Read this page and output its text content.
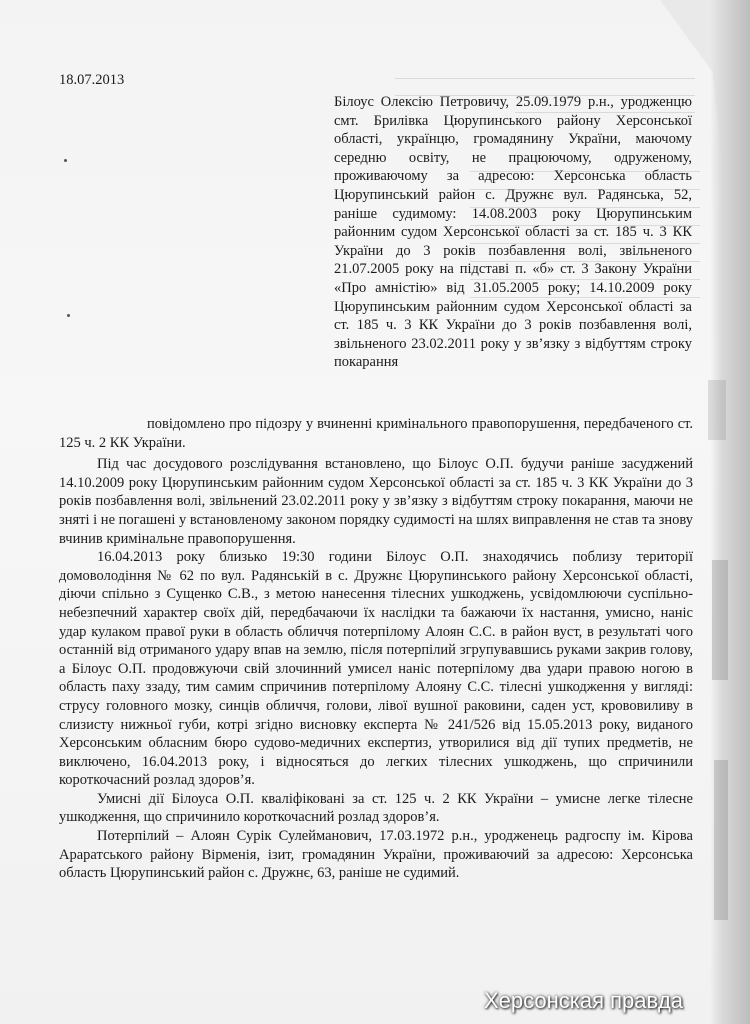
18.07.2013

Білоус Олексію Петровичу, 25.09.1979 р.н., уродженцю смт. Брилівка Цюрупинського району Херсонської області, українцю, громадянину України, маючому середню освіту, не працюючому, одруженому, проживаючому за адресою: Херсонська область Цюрупинський район с. Дружнє вул. Радянська, 52, раніше судимому: 14.08.2003 року Цюрупинським районним судом Херсонської області за ст. 185 ч. 3 КК України до 3 років позбавлення волі, звільненого 21.07.2005 року на підставі п. «б» ст. 3 Закону України «Про амністію» від 31.05.2005 року; 14.10.2009 року Цюрупинським районним судом Херсонської області за ст. 185 ч. 3 КК України до 3 років позбавлення волі, звільненого 23.02.2011 року у зв’язку з відбуттям строку покарання

повідомлено про підозру у вчиненні кримінального правопорушення, передбаченого ст. 125 ч. 2 КК України.

Під час досудового розслідування встановлено, що Білоус О.П. будучи раніше засуджений 14.10.2009 року Цюрупинським районним судом Херсонської області за ст. 185 ч. 3 КК України до 3 років позбавлення волі, звільнений 23.02.2011 року у зв’язку з відбуттям строку покарання, маючи не зняті і не погашені у встановленому законом порядку судимості на шлях виправлення не став та знову вчинив кримінальне правопорушення.

16.04.2013 року близько 19:30 години Білоус О.П. знаходячись поблизу території домоволодіння № 62 по вул. Радянській в с. Дружнє Цюрупинського району Херсонської області, діючи спільно з Сущенко С.В., з метою нанесення тілесних ушкоджень, усвідомлюючи суспільно-небезпечний характер своїх дій, передбачаючи їх наслідки та бажаючи їх настання, умисно, наніс удар кулаком правої руки в область обличчя потерпілому Алоян С.С. в район вуст, в результаті чого останній від отриманого удару впав на землю, після потерпілий згрупувавшись руками закрив голову, а Білоус О.П. продовжуючи свій злочинний умисел наніс потерпілому два удари правою ногою в область паху ззаду, тим самим спричинив потерпілому Алояну С.С. тілесні ушкодження у вигляді: струсу головного мозку, синців обличчя, голови, лівої вушної раковини, саден уст, крововиливу в слизисту нижньої губи, котрі згідно висновку експерта № 241/526 від 15.05.2013 року, виданого Херсонським обласним бюро судово-медичних експертиз, утворилися від дії тупих предметів, не виключено, 16.04.2013 року, і відносяться до легких тілесних ушкоджень, що спричинили короткочасний розлад здоров’я.

Умисні дії Білоуса О.П. кваліфіковані за ст. 125 ч. 2 КК України – умисне легке тілесне ушкодження, що спричинило короткочасний розлад здоров’я.

Потерпілий – Алоян Сурік Сулейманович, 17.03.1972 р.н., уродженець радгоспу ім. Кірова Араратського району Вірменія, ізит, громадянин України, проживаючий за адресою: Херсонська область Цюрупинський район с. Дружнє, 63, раніше не судимий.

Херсонская правда
